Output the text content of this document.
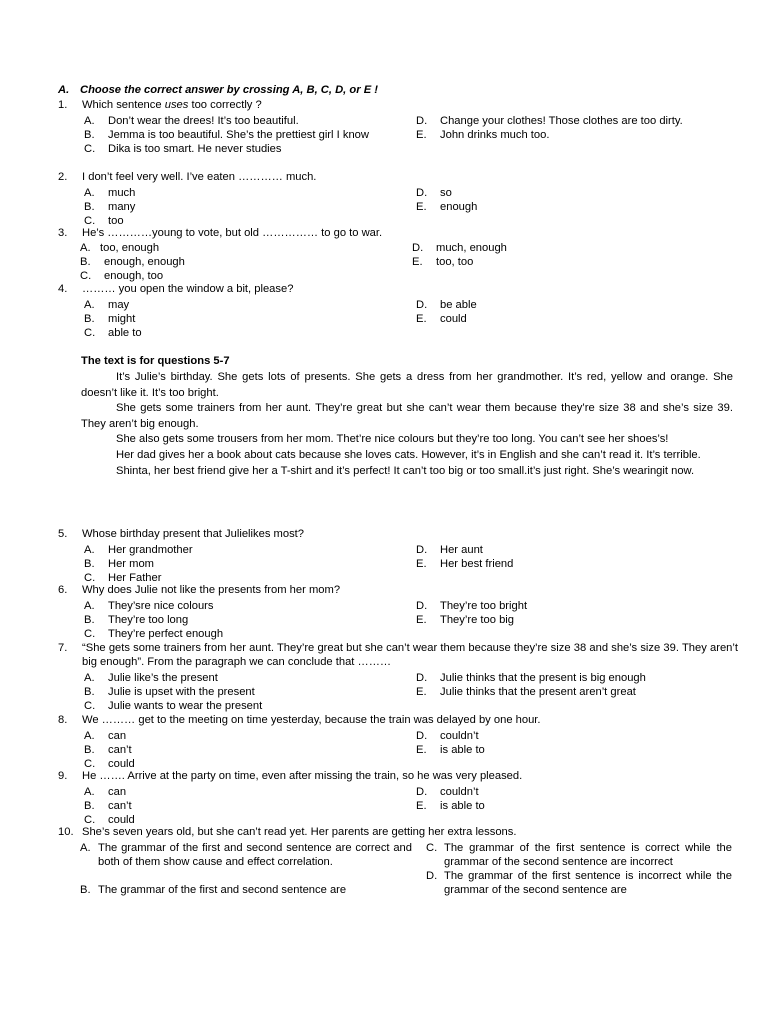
A. Choose the correct answer by crossing A, B, C, D, or E !
1. Which sentence uses too correctly ?
A. Don’t wear the drees! It’s too beautiful.
B. Jemma is too beautiful. She’s the prettiest girl I know
C. Dika is too smart. He never studies
D. Change your clothes! Those clothes are too dirty.
E. John drinks much too.
2. I don’t feel very well. I’ve eaten ………… much.
A. much
B. many
C. too
D. so
E. enough
3. He’s …………young to vote, but old …………… to go to war.
A. too, enough
B. enough, enough
C. enough, too
D. much, enough
E. too, too
4. ……… you open the window a bit, please?
A. may
B. might
C. able to
D. be able
E. could
The text is for questions 5-7

It’s Julie’s birthday. She gets lots of presents. She gets a dress from her grandmother. It’s red, yellow and orange. She doesn’t like it. It’s too bright.

She gets some trainers from her aunt. They’re great but she can’t wear them because they’re size 38 and she’s size 39. They aren’t big enough.

She also gets some trousers from her mom. Thet’re nice colours but they’re too long. You can’t see her shoes’s!

Her dad gives her a book about cats because she loves cats. However, it’s in English and she can’t read it. It’s terrible.

Shinta, her best friend give her a T-shirt and it’s perfect! It can’t too big or too small.it’s just right. She’s wearingit now.

5. Whose birthday present that Julielikes most?
A. Her grandmother
B. Her mom
C. Her Father
D. Her aunt
E. Her best friend
6. Why does Julie not like the presents from her mom?
A. They’sre nice colours
B. They’re too long
C. They’re perfect enough
D. They’re too bright
E. They’re too big
7. “She gets some trainers from her aunt. They’re great but she can’t wear them because they’re size 38 and she’s size 39. They aren’t big enough”. From the paragraph we can conclude that ………
A. Julie like’s the present
B. Julie is upset with the present
C. Julie wants to wear the present
D. Julie thinks that the present is big enough
E. Julie thinks that the present aren’t great
8. We ……… get to the meeting on time yesterday, because the train was delayed by one hour.
A. can
B. can’t
C. could
D. couldn’t
E. is able to
9. He ……. Arrive at the party on time, even after missing the train, so he was very pleased.
A. can
B. can’t
C. could
D. couldn’t
E. is able to
10. She’s seven years old, but she can’t read yet. Her parents are getting her extra lessons.
A. The grammar of the first and second sentence are correct and both of them show cause and effect correlation.
B. The grammar of the first and second sentence are
C. The grammar of the first sentence is correct while the grammar of the second sentence are incorrect
D. The grammar of the first sentence is incorrect while the grammar of the second sentence are
